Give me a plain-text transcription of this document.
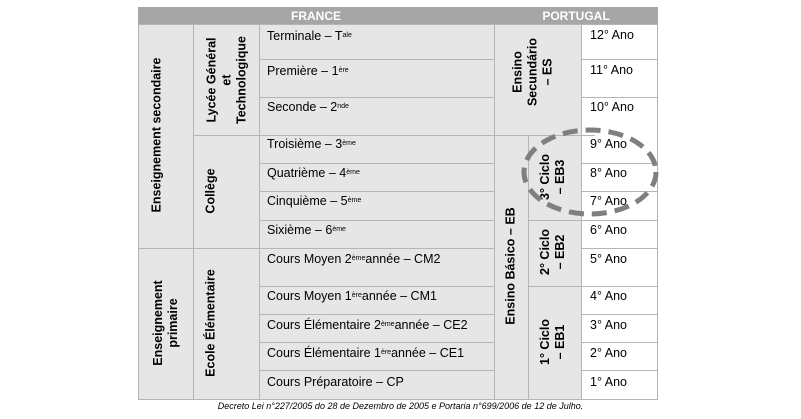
FRANCE	PORTUGAL
Enseignement secondaire
Enseignement
primaire
Lycée Général
et
Technologique
Collège
Ecole Élémentaire
Terminale – $T^{ale}$
Première – 1ère
Seconde – 2nde
Troisième – 3ème
Quatrième – 4ème
Cinquième – 5ème
Sixième – 6ème
Cours Moyen 2ème année – CM2
Cours Moyen 1ère année – CM1
Cours Élémentaire 2ème année – CE2
Cours Élémentaire 1ère année – CE1
Cours Préparatoire – CP
Ensino
Secundário
– ES
Ensino Básico – EB
3° Ciclo
– EB3
2° Ciclo
– EB2
1° Ciclo
– EB1
12° Ano
11° Ano
10° Ano
9° Ano
8° Ano
7° Ano
6° Ano
5° Ano
4° Ano
3° Ano
2° Ano
1° Ano
Decreto Lei n°227/2005 do 28 de Dezembro de 2005 e Portaria n°699/2006 de 12 de Julho.
